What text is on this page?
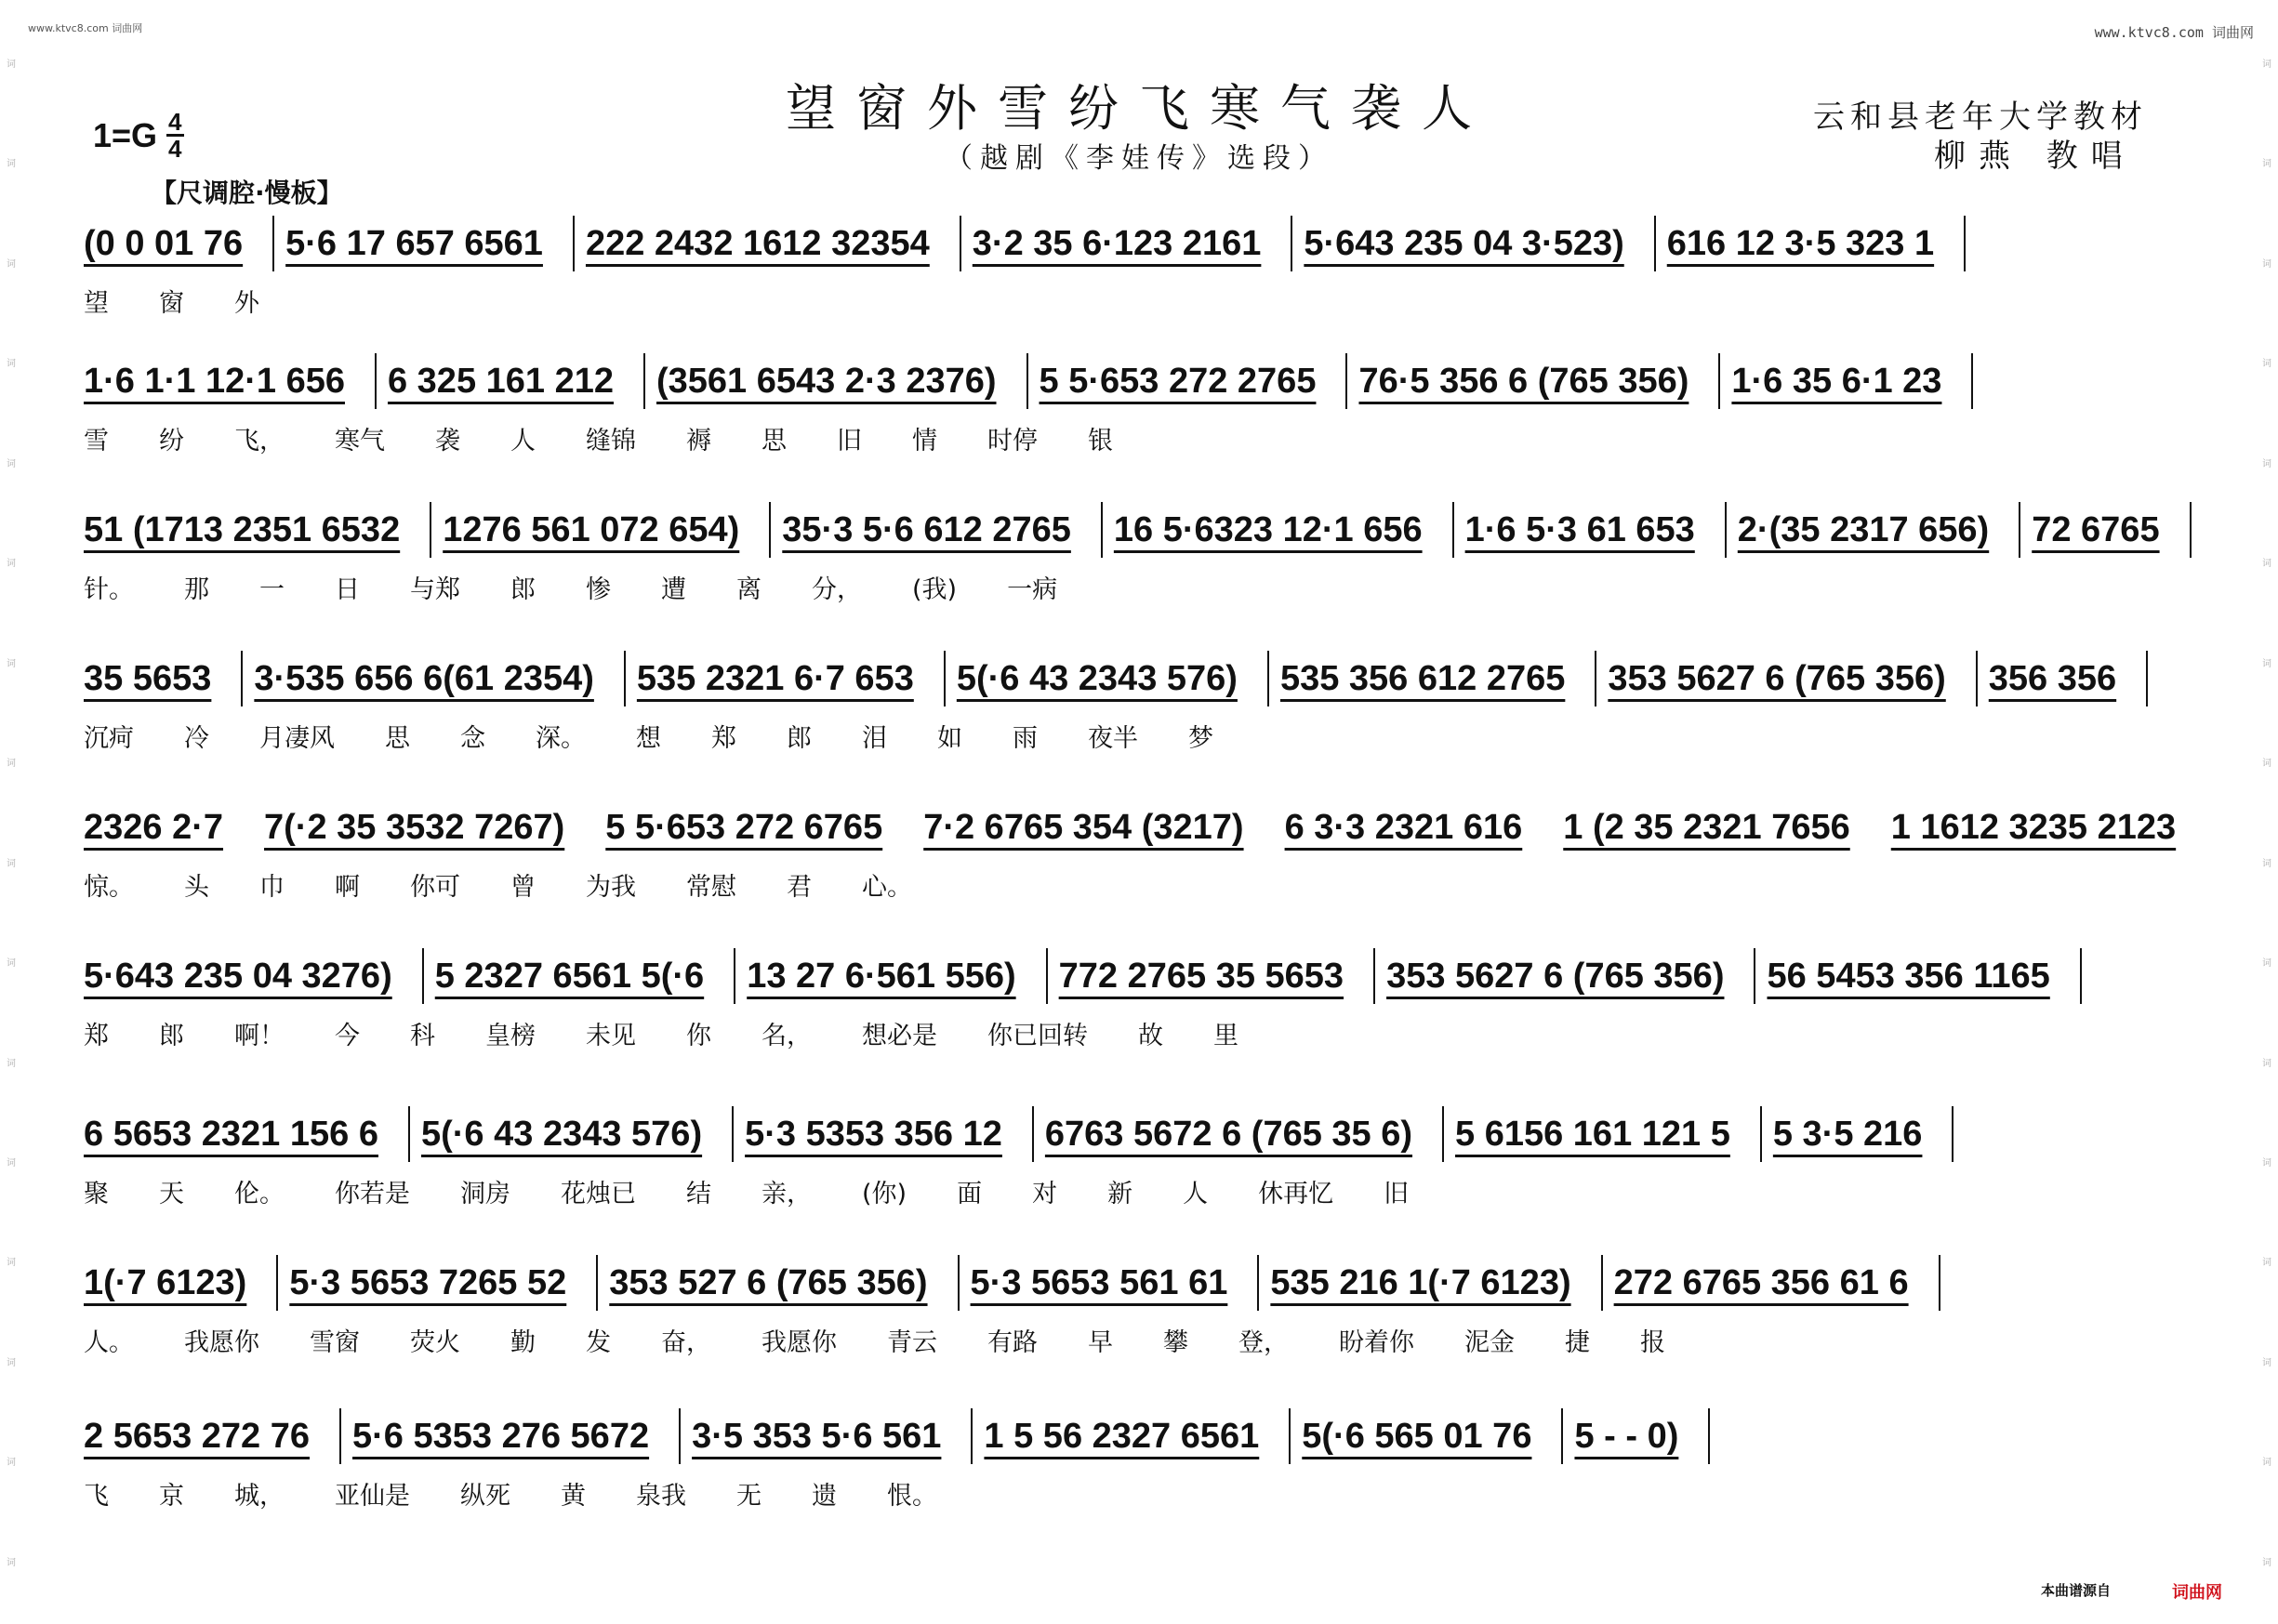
www.ktvc8.com 词曲网	www.ktvc8.com 词曲网
词
词
词
词
词
词
词
词
词
词
词
词
词
词
词
词
词
词
词
词
词
词
词
词
词
词
词
词
词
词
词
词
望窗外雪纷飞寒气袭人
（越剧《李娃传》选段）
$1=G \frac{4}{4}$	云和县老年大学教材
柳燕 教唱
【尺调腔·慢板】
(0 0 01 76 5·6 17 657 6561 222 2432 1612 32354 3·2 35 6·123 2161 5·643 235 04 3·523) 616 12 3·5 323 1
望 窗 外
1·6 1·1 12·1 656 6 325 161 212 (3561 6543 2·3 2376) 5 5·653 272 2765 76·5 356 6 (765 356) 1·6 35 6·1 23
雪 纷 飞， 寒气 袭 人 缝锦 褥 思 旧 情 时停 银
51 (1713 2351 6532 1276 561 072 654) 35·3 5·6 612 2765 16 5·6323 12·1 656 1·6 5·3 61 653 2·(35 2317 656) 72 6765
针。 那 一 日 与郑 郎 惨 遭 离 分， (我) 一病
35 5653 3·535 656 6(61 2354) 535 2321 6·7 653 5(·6 43 2343 576) 535 356 612 2765 353 5627 6 (765 356) 356 356
沉疴 冷 月凄风 思 念 深。 想 郑 郎 泪 如 雨 夜半 梦
2326 2·7 7(·2 35 3532 7267) 5 5·653 272 6765 7·2 6765 354 (3217) 6 3·3 2321 616 1 (2 35 2321 7656 1 1612 3235 2123
惊。 头 巾 啊 你可 曾 为我 常慰 君 心。
5·643 235 04 3276) 5 2327 6561 5(·6 13 27 6·561 556) 772 2765 35 5653 353 5627 6 (765 356) 56 5453 356 1165
郑 郎 啊！ 今 科 皇榜 未见 你 名， 想必是 你已回转 故 里
6 5653 2321 156 6 5(·6 43 2343 576) 5·3 5353 356 12 6763 5672 6 (765 35 6) 5 6156 161 121 5 5 3·5 216
聚 天 伦。 你若是 洞房 花烛已 结 亲， (你) 面 对 新 人 休再忆 旧
1(·7 6123) 5·3 5653 7265 52 353 527 6 (765 356) 5·3 5653 561 61 535 216 1(·7 6123) 272 6765 356 61 6
人。 我愿你 雪窗 荧火 勤 发 奋， 我愿你 青云 有路 早 攀 登， 盼着你 泥金 捷 报
2 5653 272 76 5·6 5353 276 5672 3·5 353 5·6 561 1 5 56 2327 6561 5(·6 565 01 76 5 - - 0)
飞 京 城， 亚仙是 纵死 黄 泉我 无 遗 恨。
本曲谱源自	词曲网
